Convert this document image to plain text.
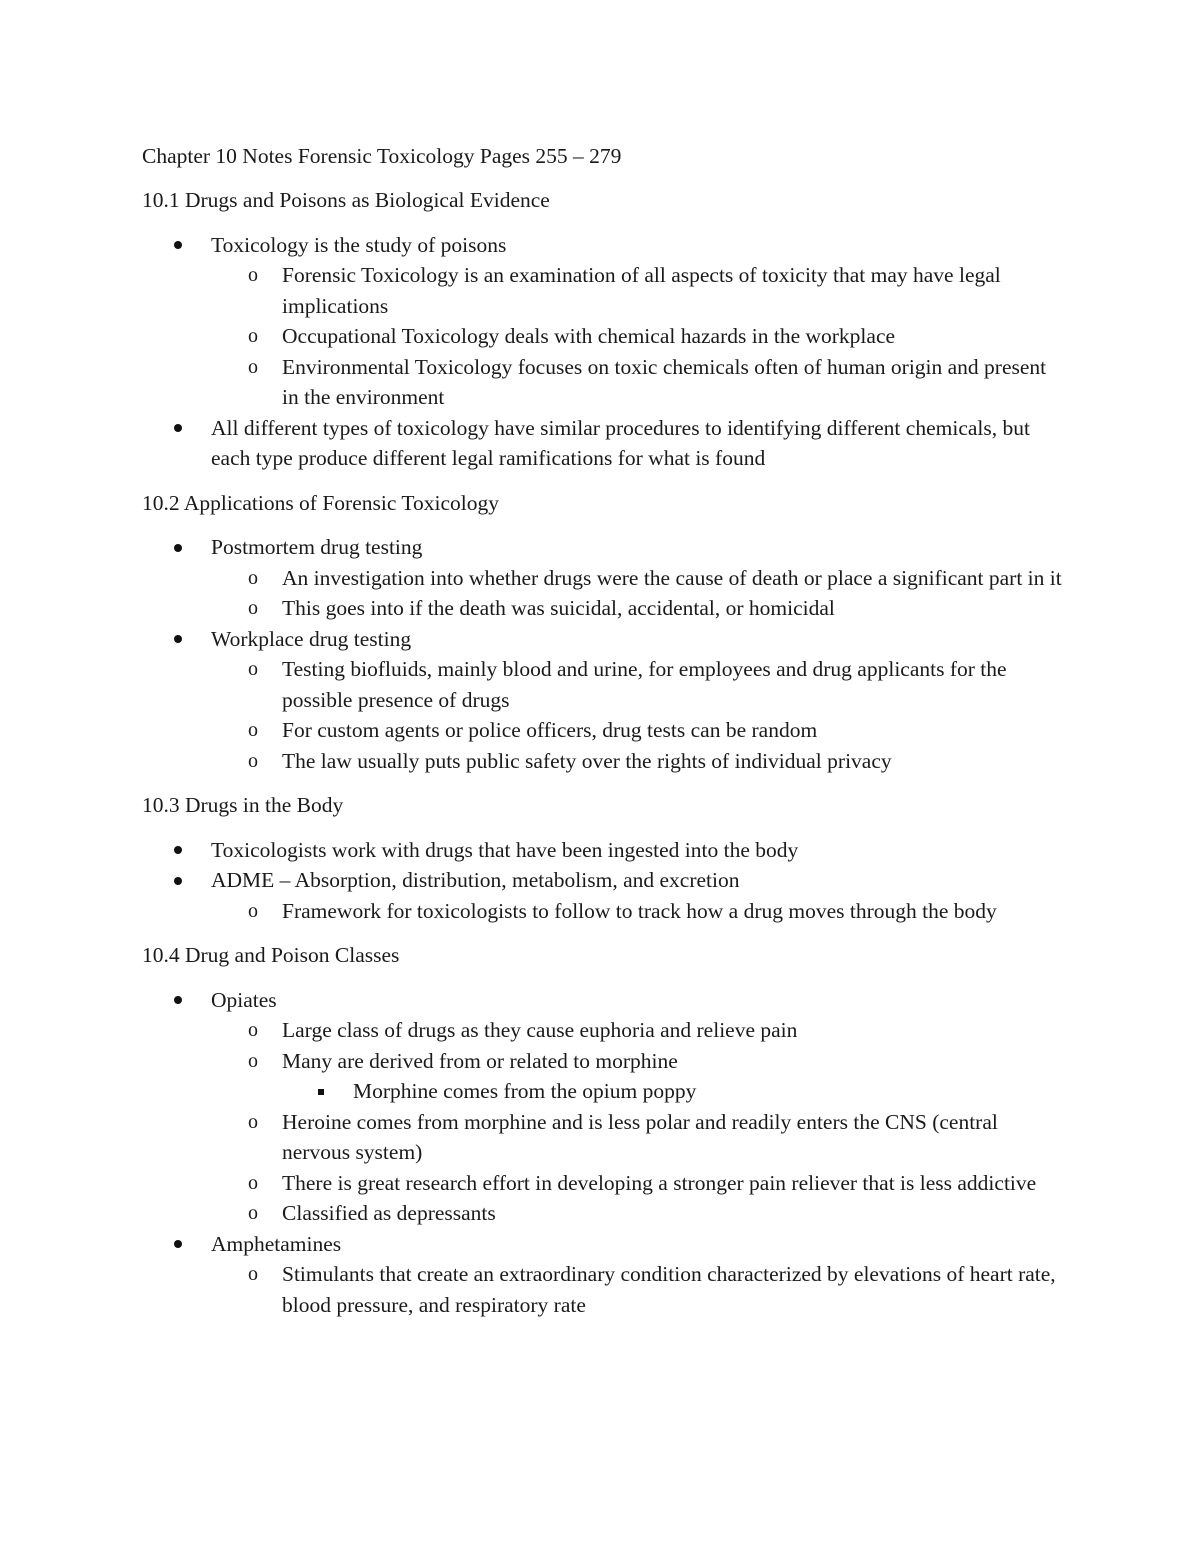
Chapter 10 Notes Forensic Toxicology Pages 255 – 279
10.1 Drugs and Poisons as Biological Evidence
Toxicology is the study of poisons
o Forensic Toxicology is an examination of all aspects of toxicity that may have legal implications
o Occupational Toxicology deals with chemical hazards in the workplace
o Environmental Toxicology focuses on toxic chemicals often of human origin and present in the environment
All different types of toxicology have similar procedures to identifying different chemicals, but each type produce different legal ramifications for what is found
10.2 Applications of Forensic Toxicology
Postmortem drug testing
o An investigation into whether drugs were the cause of death or place a significant part in it
o This goes into if the death was suicidal, accidental, or homicidal
Workplace drug testing
o Testing biofluids, mainly blood and urine, for employees and drug applicants for the possible presence of drugs
o For custom agents or police officers, drug tests can be random
o The law usually puts public safety over the rights of individual privacy
10.3 Drugs in the Body
Toxicologists work with drugs that have been ingested into the body
ADME – Absorption, distribution, metabolism, and excretion
o Framework for toxicologists to follow to track how a drug moves through the body
10.4 Drug and Poison Classes
Opiates
o Large class of drugs as they cause euphoria and relieve pain
o Many are derived from or related to morphine
Morphine comes from the opium poppy
o Heroine comes from morphine and is less polar and readily enters the CNS (central nervous system)
o There is great research effort in developing a stronger pain reliever that is less addictive
o Classified as depressants
Amphetamines
o Stimulants that create an extraordinary condition characterized by elevations of heart rate, blood pressure, and respiratory rate
